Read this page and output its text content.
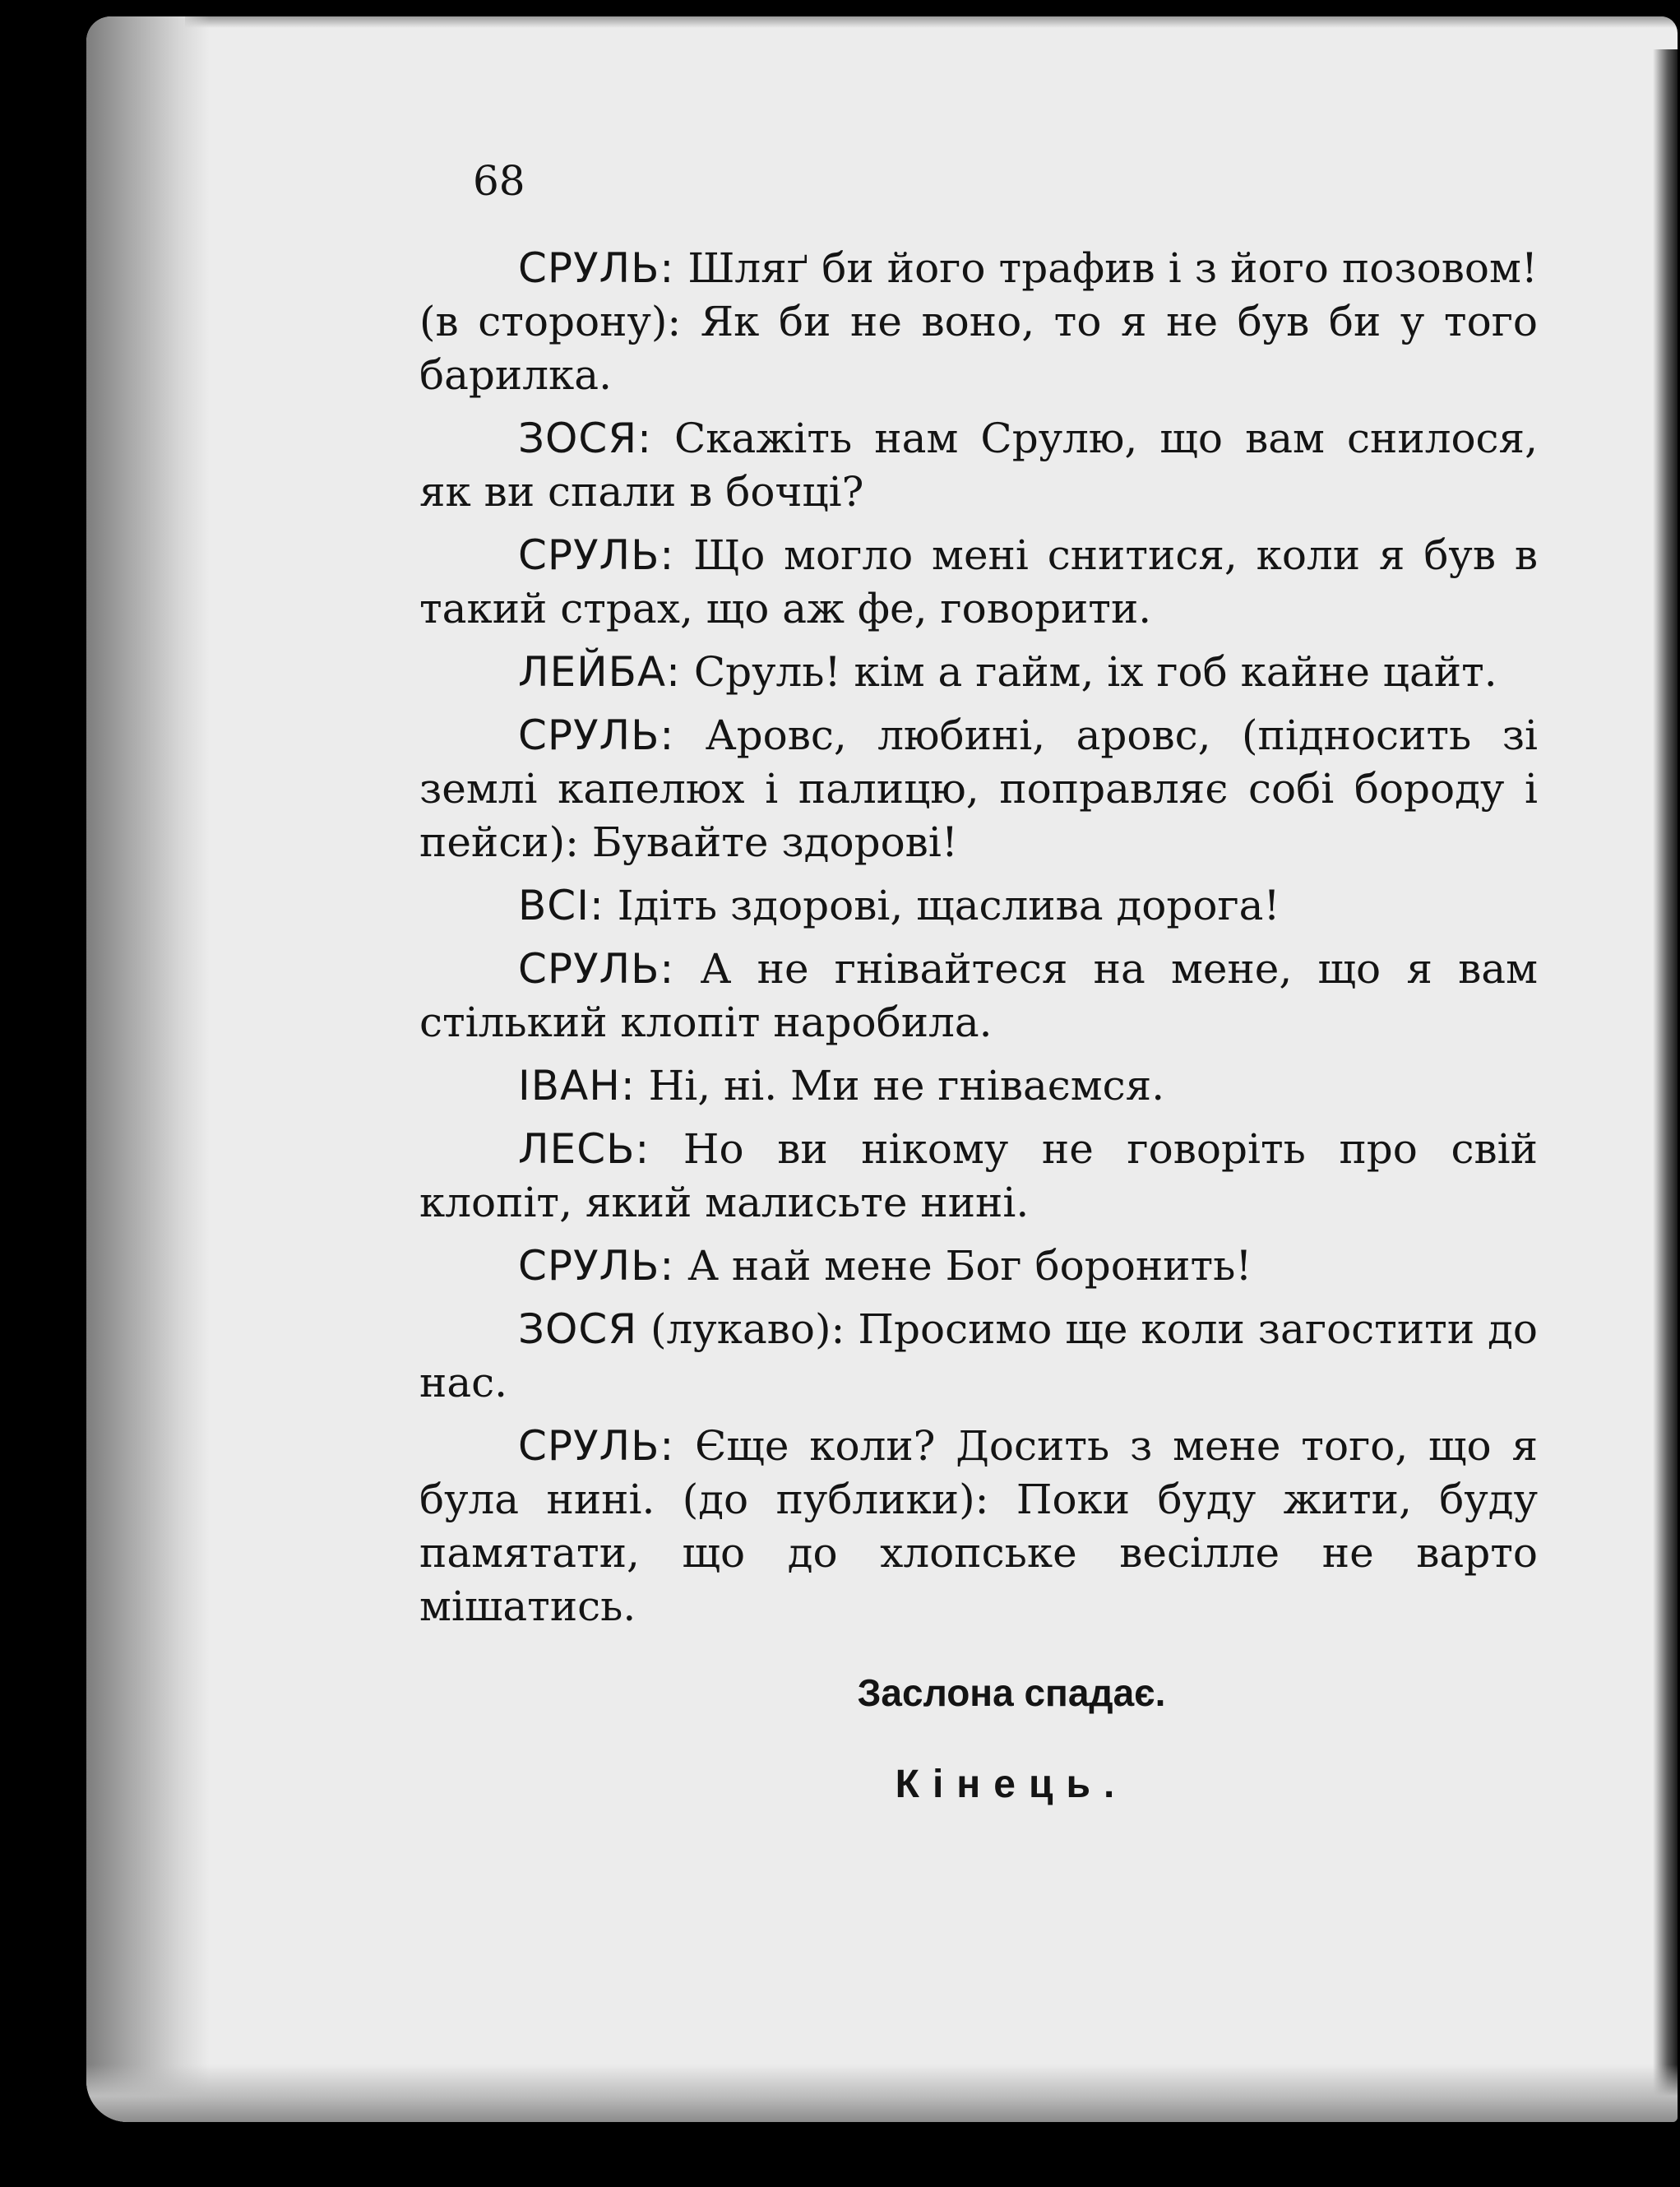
68

СРУЛЬ: Шляґ би його трафив і з його позовом! (в сторону): Як би не воно, то я не був би у того барилка.

ЗОСЯ: Скажіть нам Срулю, що вам снилося, як ви спали в бочці?

СРУЛЬ: Що могло мені снитися, коли я був в такий страх, що аж фе, говорити.

ЛЕЙБА: Сруль! кім а гайм, іх гоб кайне цайт.

СРУЛЬ: Аровс, любині, аровс, (підносить зі землі капелюх і палицю, поправляє собі бороду і пейси): Бувайте здорові!

ВСІ: Ідіть здорові, щаслива дорога!

СРУЛЬ: А не гнівайтеся на мене, що я вам стілький клопіт наробила.

ІВАН: Ні, ні. Ми не гніваємся.

ЛЕСЬ: Но ви нікому не говоріть про свій клопіт, який малисьте нині.

СРУЛЬ: А най мене Бог боронить!

ЗОСЯ (лукаво): Просимо ще коли загостити до нас.

СРУЛЬ: Єще коли? Досить з мене того, що я була нині. (до публики): Поки буду жити, буду памятати, що до хлопське весілле не варто мішатись.

Заслона спадає.
Кінець.
